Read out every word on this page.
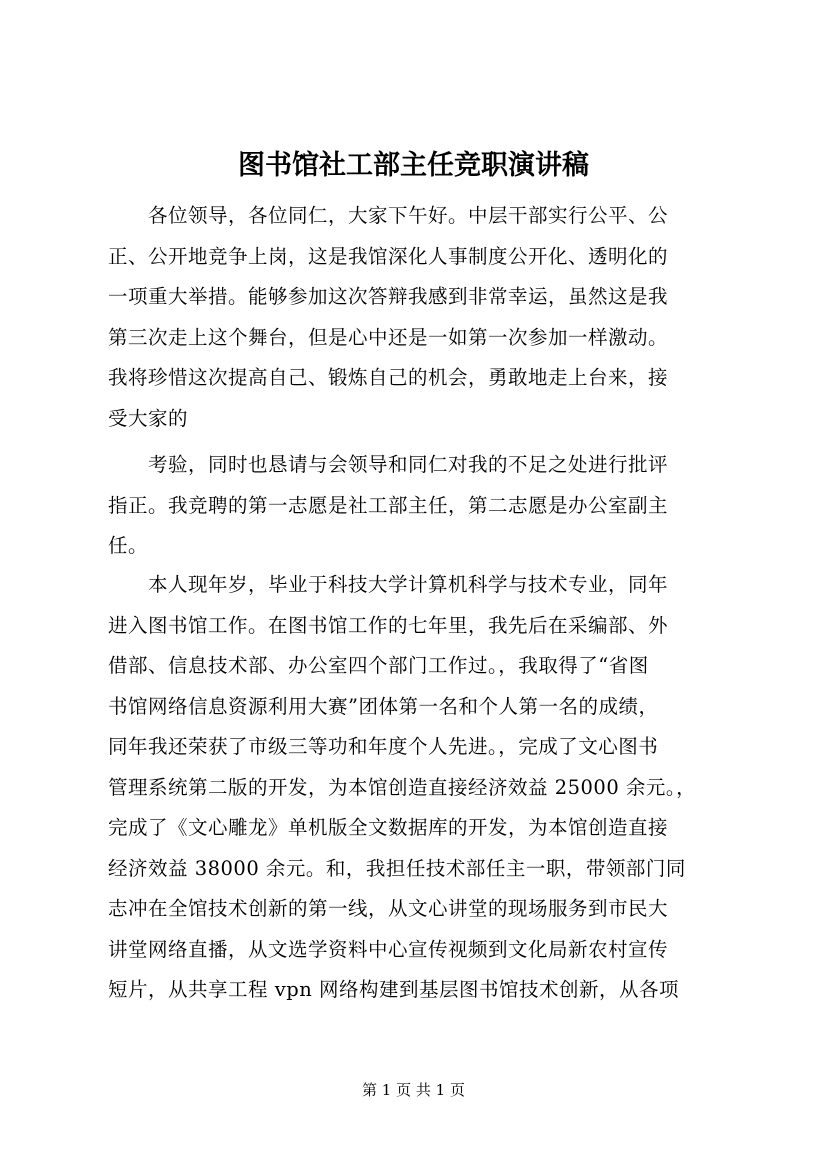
图书馆社工部主任竞职演讲稿
　　各位领导，各位同仁，大家下午好。中层干部实行公平、公
正、公开地竞争上岗，这是我馆深化人事制度公开化、透明化的
一项重大举措。能够参加这次答辩我感到非常幸运，虽然这是我
第三次走上这个舞台，但是心中还是一如第一次参加一样激动。
我将珍惜这次提高自己、锻炼自己的机会，勇敢地走上台来，接
受大家的
　　考验，同时也恳请与会领导和同仁对我的不足之处进行批评
指正。我竞聘的第一志愿是社工部主任，第二志愿是办公室副主
任。
　　本人现年岁，毕业于科技大学计算机科学与技术专业，同年
进入图书馆工作。在图书馆工作的七年里，我先后在采编部、外
借部、信息技术部、办公室四个部门工作过。，我取得了“省图
书馆网络信息资源利用大赛”团体第一名和个人第一名的成绩，
同年我还荣获了市级三等功和年度个人先进。，完成了文心图书
管理系统第二版的开发，为本馆创造直接经济效益 25000 余元。，
完成了《文心雕龙》单机版全文数据库的开发，为本馆创造直接
经济效益 38000 余元。和，我担任技术部任主一职，带领部门同
志冲在全馆技术创新的第一线，从文心讲堂的现场服务到市民大
讲堂网络直播，从文选学资料中心宣传视频到文化局新农村宣传
短片，从共享工程 vpn 网络构建到基层图书馆技术创新，从各项
第 1 页 共 1 页
